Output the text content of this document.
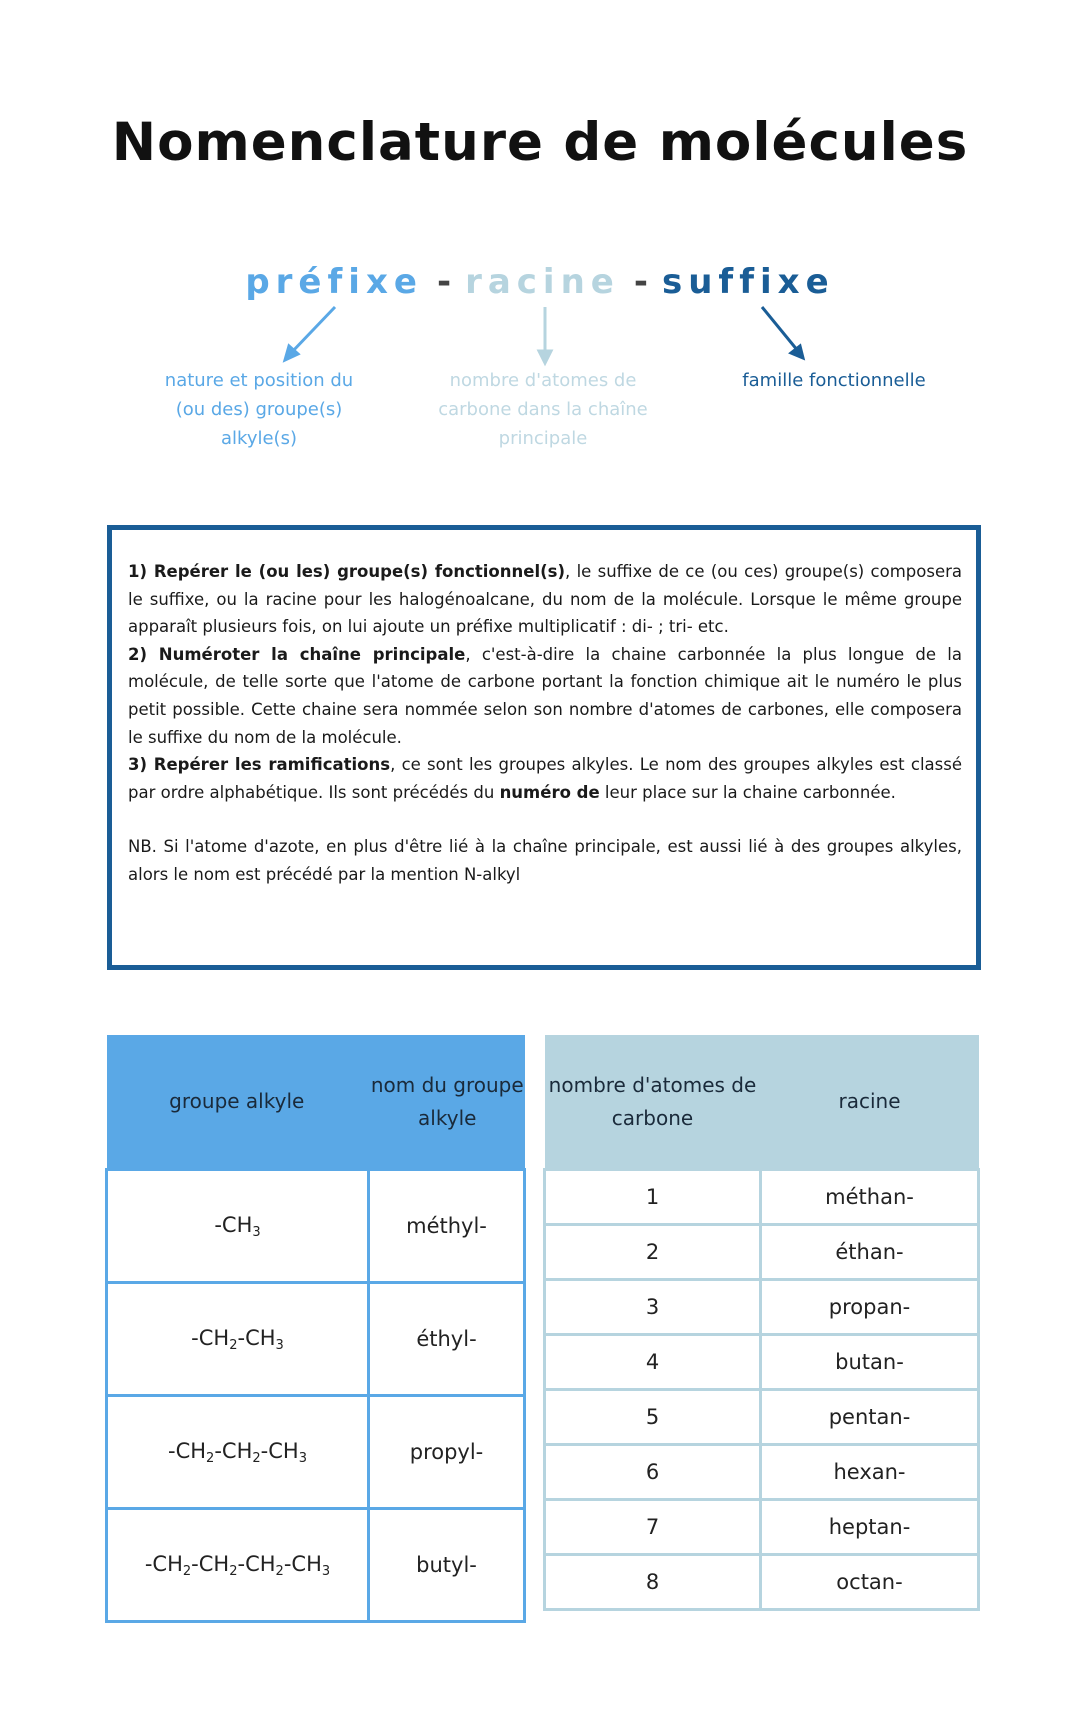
Nomenclature de molécules
préfixe - racine - suffixe
nature et position du (ou des) groupe(s) alkyle(s)
nombre d'atomes de carbone dans la chaîne principale
famille fonctionnelle

1) Repérer le (ou les) groupe(s) fonctionnel(s), le suffixe de ce (ou ces) groupe(s) composera le suffixe, ou la racine pour les halogénoalcane, du nom de la molécule. Lorsque le même groupe apparaît plusieurs fois, on lui ajoute un préfixe multiplicatif : di- ; tri- etc.

2) Numéroter la chaîne principale, c'est-à-dire la chaine carbonnée la plus longue de la molécule, de telle sorte que l'atome de carbone portant la fonction chimique ait le numéro le plus petit possible. Cette chaine sera nommée selon son nombre d'atomes de carbones, elle composera le suffixe du nom de la molécule.

3) Repérer les ramifications, ce sont les groupes alkyles. Le nom des groupes alkyles est classé par ordre alphabétique. Ils sont précédés du numéro de leur place sur la chaine carbonnée.

NB. Si l'atome d'azote, en plus d'être lié à la chaîne principale, est aussi lié à des groupes alkyles, alors le nom est précédé par la mention N-alkyl

groupe alkyle	nom du groupe alkyle
$-CH_3$	méthyl-
$-CH_2-CH_3$	éthyl-
$-CH_2-CH_2-CH_3$	propyl-
$-CH_2-CH_2-CH_2-CH_3$	butyl-
nombre d'atomes de carbone	racine
1	méthan-
2	éthan-
3	propan-
4	butan-
5	pentan-
6	hexan-
7	heptan-
8	octan-
